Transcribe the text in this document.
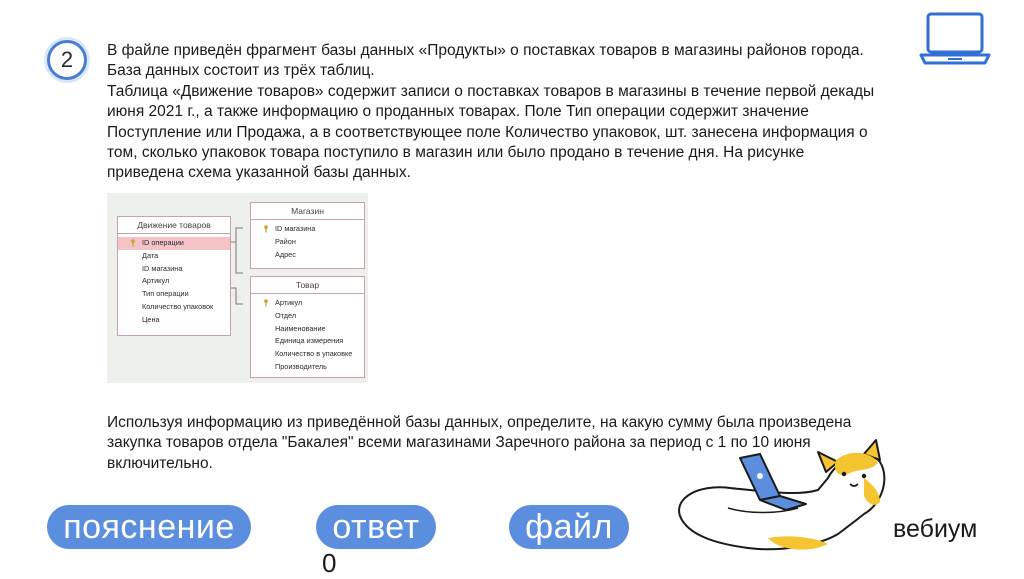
2 В файле приведён фрагмент базы данных «Продукты» о поставках товаров в магазины районов города. База данных состоит из трёх таблиц.

Таблица «Движение товаров» содержит записи о поставках товаров в магазины в течение первой декады июня 2021 г., а также информацию о проданных товарах. Поле Тип операции содержит значение Поступление или Продажа, а в соответствующее поле Количество упаковок, шт. занесена информация о том, сколько упаковок товара поступило в магазин или было продано в течение дня. На рисунке приведена схема указанной базы данных.

Движение товаров
ID операции
Дата
ID магазина
Артикул
Тип операции
Количество упаковок
Цена
Магазин
ID магазина
Район
Адрес
Товар
Артикул
Отдел
Наименование
Единица измерения
Количество в упаковке
Производитель

Используя информацию из приведённой базы данных, определите, на какую сумму была произведена закупка товаров отдела "Бакалея" всеми магазинами Заречного района за период с 1 по 10 июня включительно.

пояснение	ответ	файл
0
вебиум
